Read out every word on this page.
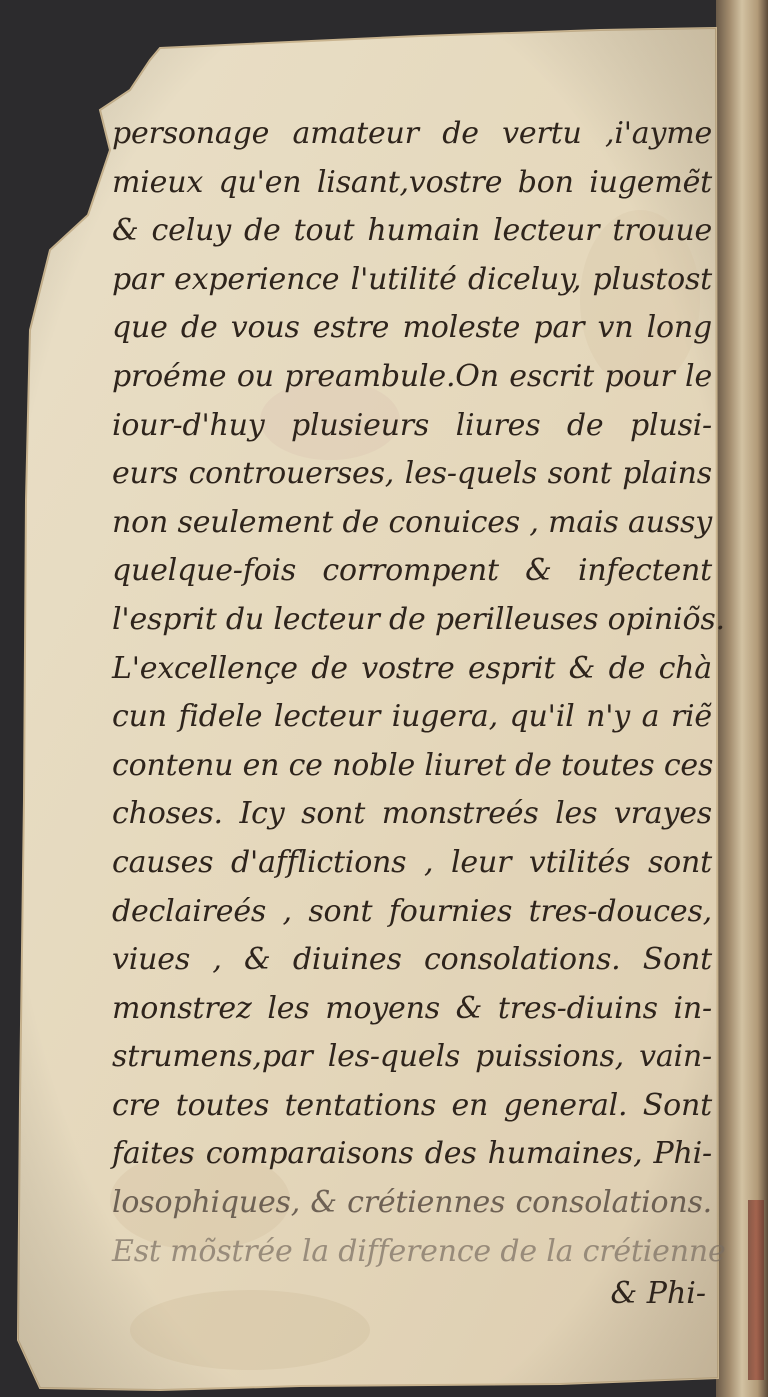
personage amateur de vertu ,i'ayme
mieux qu'en lisant,vostre bon iugemẽt
& celuy de tout humain lecteur trouue
par experience l'utilité diceluy, plustost
que de vous estre moleste par vn long
proéme ou preambule.On escrit pour le
iour-d'huy plusieurs liures de plusi-
eurs controuerses, les-quels sont plains
non seulement de conuices , mais aussy
quelque-fois corrompent & infectent
l'esprit du lecteur de perilleuses opiniõs.
L'excellençe de vostre esprit & de chà
cun fidele lecteur iugera, qu'il n'y a riẽ
contenu en ce noble liuret de toutes ces
choses. Icy sont monstreés les vrayes
causes d'afflictions , leur vtilités sont
declaireés , sont fournies tres-douces,
viues , & diuines consolations. Sont
monstrez les moyens & tres-diuins in-
strumens,par les-quels puissions, vain-
cre toutes tentations en general. Sont
faites comparaisons des humaines, Phi-
losophiques, & crétiennes consolations.
Est mõstrée la difference de la crétienne
& Phi-
